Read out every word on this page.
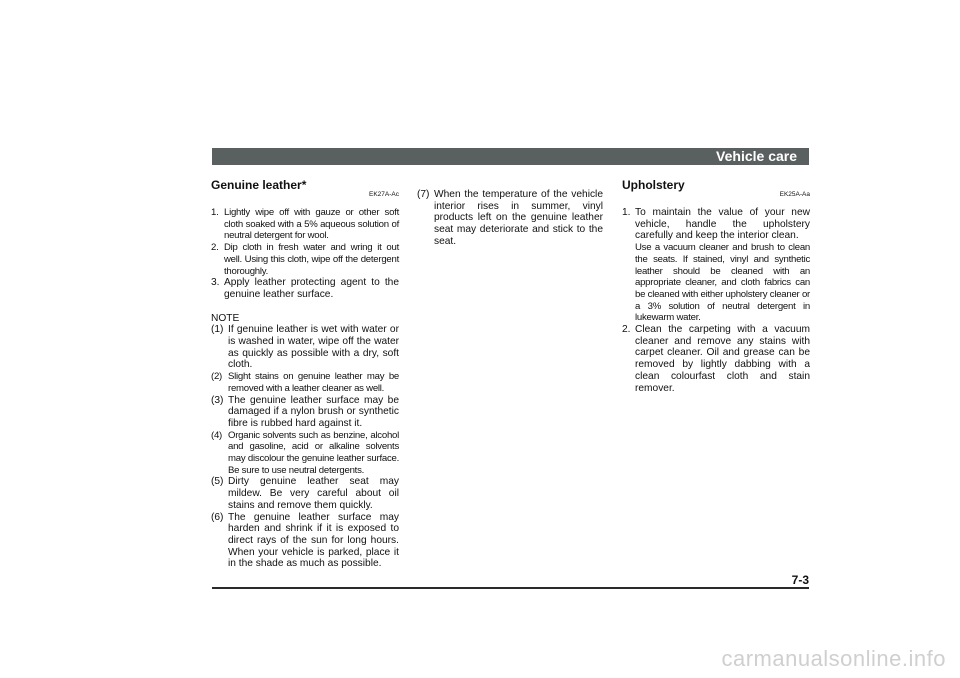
Vehicle care
Genuine leather*
EK27A-Ac
1. Lightly wipe off with gauze or other soft cloth soaked with a 5% aqueous solution of neutral detergent for wool.
2. Dip cloth in fresh water and wring it out well. Using this cloth, wipe off the detergent thoroughly.
3. Apply leather protecting agent to the genuine leather surface.
NOTE
(1) If genuine leather is wet with water or is washed in water, wipe off the water as quickly as possible with a dry, soft cloth.
(2) Slight stains on genuine leather may be removed with a leather cleaner as well.
(3) The genuine leather surface may be damaged if a nylon brush or synthetic fibre is rubbed hard against it.
(4) Organic solvents such as benzine, alcohol and gasoline, acid or alkaline solvents may discolour the genuine leather surface. Be sure to use neutral detergents.
(5) Dirty genuine leather seat may mildew. Be very careful about oil stains and remove them quickly.
(6) The genuine leather surface may harden and shrink if it is exposed to direct rays of the sun for long hours. When your vehicle is parked, place it in the shade as much as possible.
(7) When the temperature of the vehicle interior rises in summer, vinyl products left on the genuine leather seat may deteriorate and stick to the seat.
Upholstery
EK25A-Aa
1. To maintain the value of your new vehicle, handle the upholstery carefully and keep the interior clean.
Use a vacuum cleaner and brush to clean the seats. If stained, vinyl and synthetic leather should be cleaned with an appropriate cleaner, and cloth fabrics can be cleaned with either upholstery cleaner or a 3% solution of neutral detergent in lukewarm water.
2. Clean the carpeting with a vacuum cleaner and remove any stains with carpet cleaner. Oil and grease can be removed by lightly dabbing with a clean colourfast cloth and stain remover.
7-3
carmanualsonline.info
